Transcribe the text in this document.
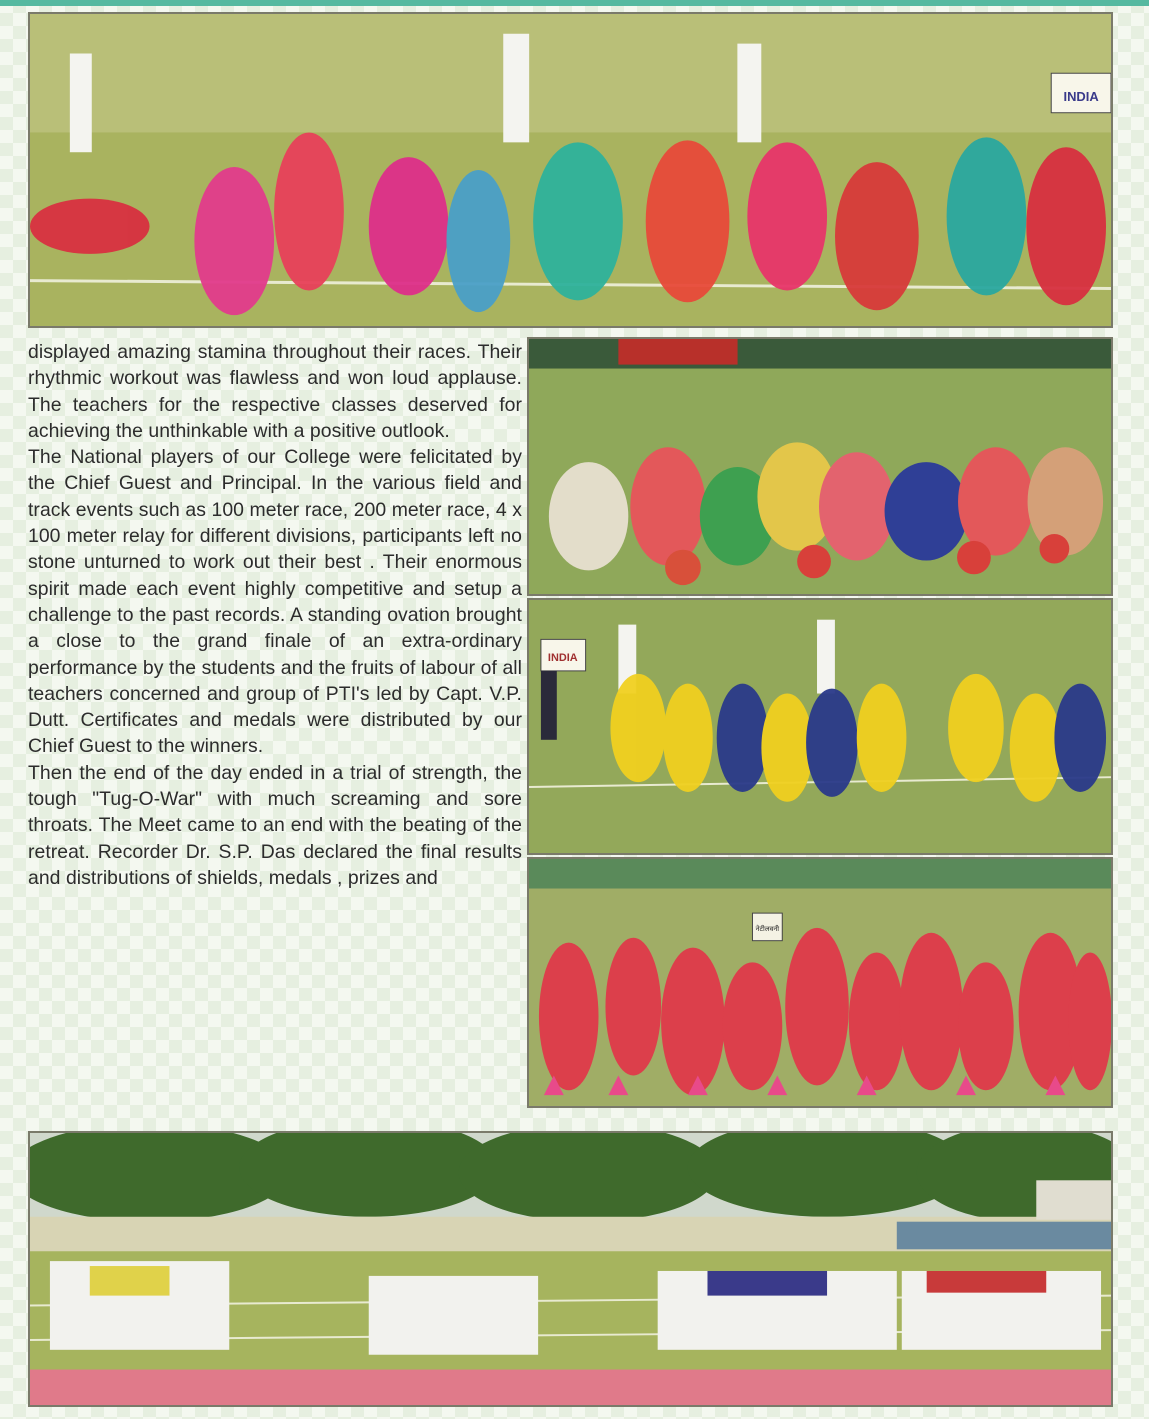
INDIA
INDIA
नेटीलवनी

displayed amazing stamina throughout their races. Their rhythmic workout was flawless and won loud applause. The teachers for the respective classes deserved for achieving the unthinkable with a positive outlook.

The National players of our College were felicitated by the Chief Guest and Principal. In the various field and track events such as 100 meter race, 200 meter race, 4 x 100 meter relay for different divisions, participants left no stone unturned to work out their best . Their enormous spirit made each event highly competitive and setup a challenge to the past records. A standing ovation brought a close to the grand finale of an extra-ordinary performance by the students and the fruits of labour of all teachers concerned and group of PTI's led by Capt. V.P. Dutt. Certificates and medals were distributed by our Chief Guest to the winners.

Then the end of the day ended in a trial of strength, the tough "Tug-O-War" with much screaming and sore throats. The Meet came to an end with the beating of the retreat. Recorder Dr. S.P. Das declared the final results and distributions of shields, medals , prizes and
